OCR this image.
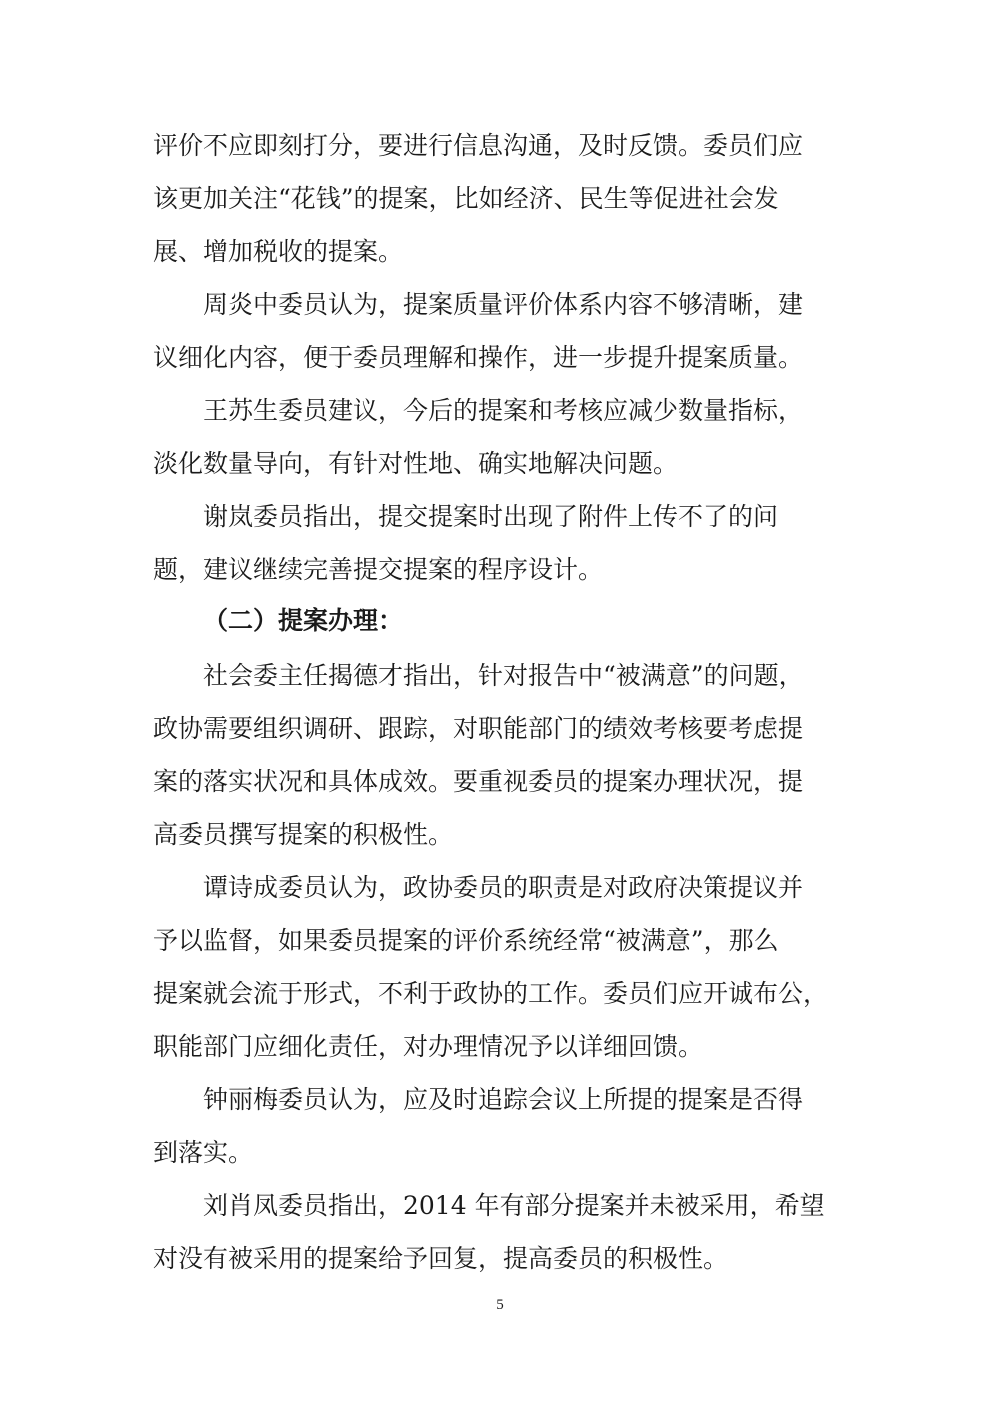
评价不应即刻打分，要进行信息沟通，及时反馈。委员们应

该更加关注“花钱”的提案，比如经济、民生等促进社会发

展、增加税收的提案。

周炎中委员认为，提案质量评价体系内容不够清晰，建

议细化内容，便于委员理解和操作，进一步提升提案质量。

王苏生委员建议，今后的提案和考核应减少数量指标，

淡化数量导向，有针对性地、确实地解决问题。

谢岚委员指出，提交提案时出现了附件上传不了的问

题，建议继续完善提交提案的程序设计。

（二）提案办理：

社会委主任揭德才指出，针对报告中“被满意”的问题，

政协需要组织调研、跟踪，对职能部门的绩效考核要考虑提

案的落实状况和具体成效。要重视委员的提案办理状况，提

高委员撰写提案的积极性。

谭诗成委员认为，政协委员的职责是对政府决策提议并

予以监督，如果委员提案的评价系统经常“被满意”，那么

提案就会流于形式，不利于政协的工作。委员们应开诚布公，

职能部门应细化责任，对办理情况予以详细回馈。

钟丽梅委员认为，应及时追踪会议上所提的提案是否得

到落实。

刘肖凤委员指出，2014 年有部分提案并未被采用，希望

对没有被采用的提案给予回复，提高委员的积极性。

5
